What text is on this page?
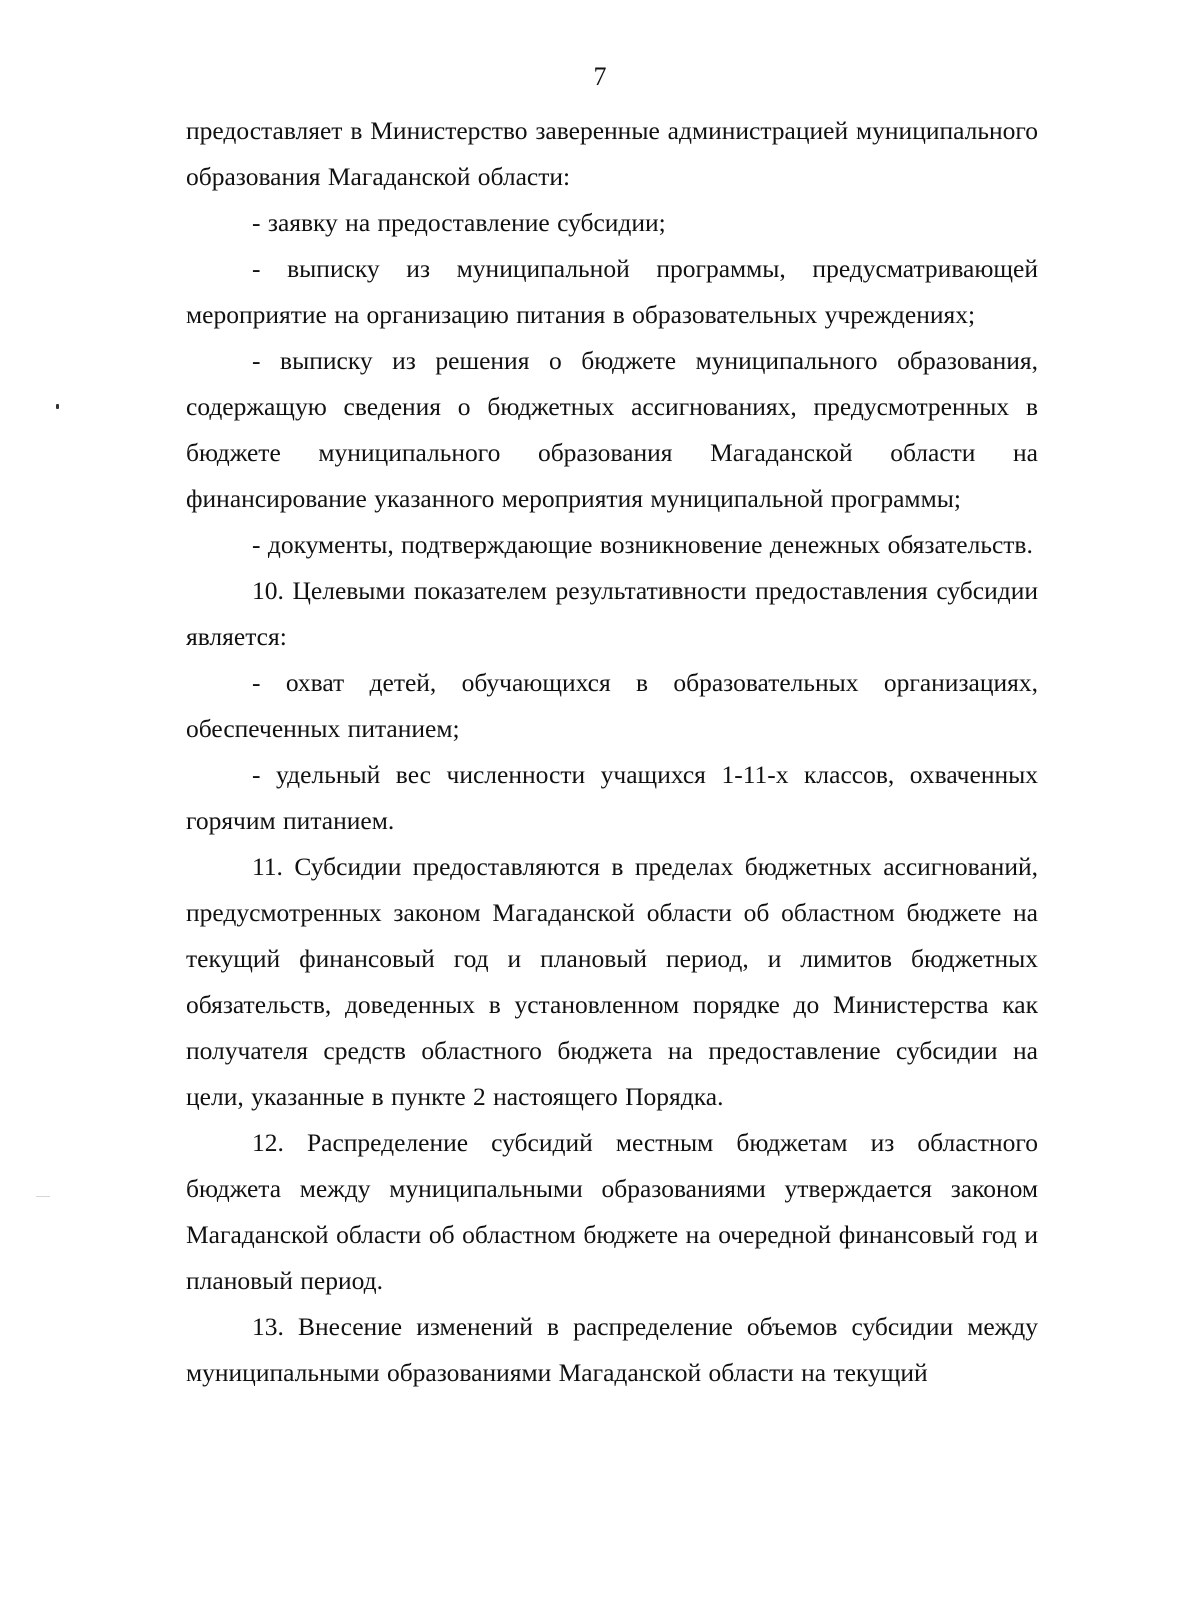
7

предоставляет в Министерство заверенные администрацией муниципального образования Магаданской области:

- заявку на предоставление субсидии;

- выписку из муниципальной программы, предусматривающей мероприятие на организацию питания в образовательных учреждениях;

- выписку из решения о бюджете муниципального образования, содержащую сведения о бюджетных ассигнованиях, предусмотренных в бюджете муниципального образования Магаданской области на финансирование указанного мероприятия муниципальной программы;

- документы, подтверждающие возникновение денежных обязательств.

10. Целевыми показателем результативности предоставления субсидии является:

- охват детей, обучающихся в образовательных организациях, обеспеченных питанием;

- удельный вес численности учащихся 1-11-х классов, охваченных горячим питанием.

11. Субсидии предоставляются в пределах бюджетных ассигнований, предусмотренных законом Магаданской области об областном бюджете на текущий финансовый год и плановый период, и лимитов бюджетных обязательств, доведенных в установленном порядке до Министерства как получателя средств областного бюджета на предоставление субсидии на цели, указанные в пункте 2 настоящего Порядка.

12. Распределение субсидий местным бюджетам из областного бюджета между муниципальными образованиями утверждается законом Магаданской области об областном бюджете на очередной финансовый год и плановый период.

13. Внесение изменений в распределение объемов субсидии между муниципальными образованиями Магаданской области на текущий
